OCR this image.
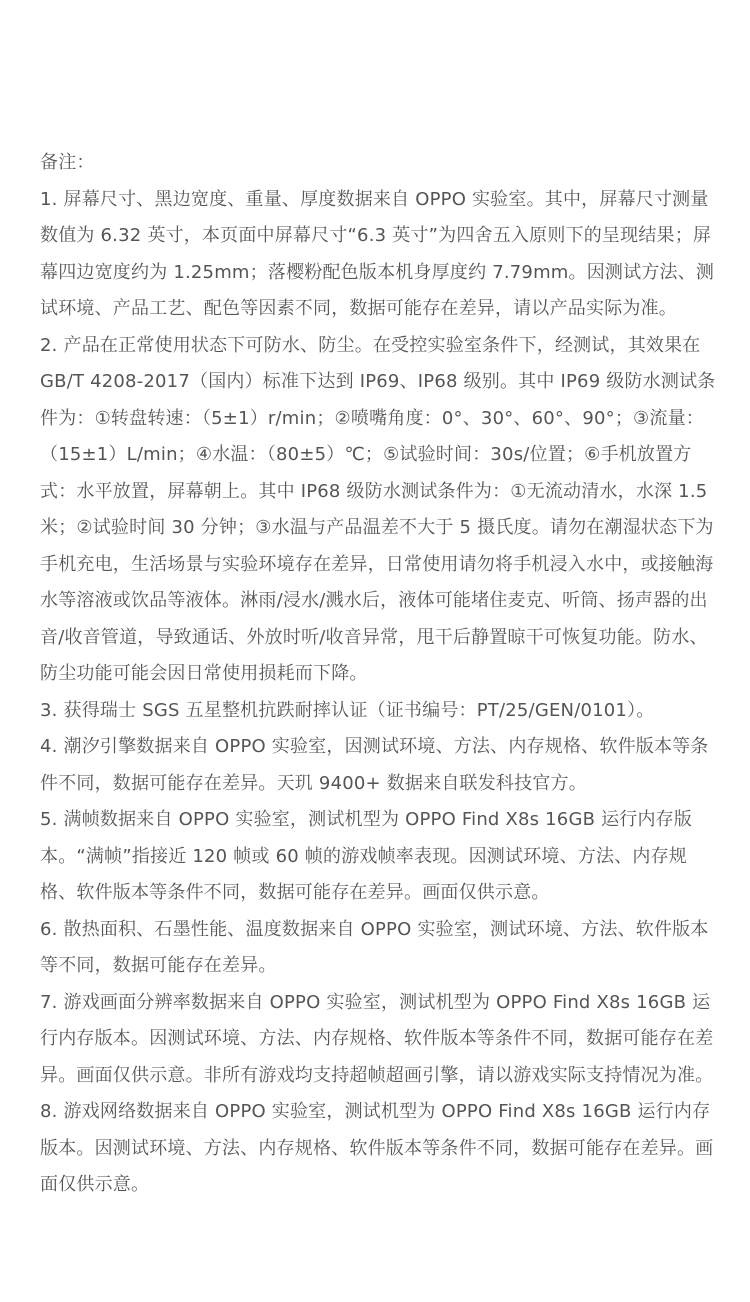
备注：

1. 屏幕尺寸、黑边宽度、重量、厚度数据来自 OPPO 实验室。其中，屏幕尺寸测量数值为 6.32 英寸，本页面中屏幕尺寸“6.3 英寸”为四舍五入原则下的呈现结果；屏幕四边宽度约为 1.25mm；落樱粉配色版本机身厚度约 7.79mm。因测试方法、测试环境、产品工艺、配色等因素不同，数据可能存在差异，请以产品实际为准。

2. 产品在正常使用状态下可防水、防尘。在受控实验室条件下，经测试，其效果在 GB/T 4208-2017（国内）标准下达到 IP69、IP68 级别。其中 IP69 级防水测试条件为：①转盘转速：（5±1）r/min；②喷嘴角度：0°、30°、60°、90°；③流量：（15±1）L/min；④水温：（80±5）℃；⑤试验时间：30s/位置；⑥手机放置方式：水平放置，屏幕朝上。其中 IP68 级防水测试条件为：①无流动清水，水深 1.5 米；②试验时间 30 分钟；③水温与产品温差不大于 5 摄氏度。请勿在潮湿状态下为手机充电，生活场景与实验环境存在差异，日常使用请勿将手机浸入水中，或接触海水等溶液或饮品等液体。淋雨/浸水/溅水后，液体可能堵住麦克、听筒、扬声器的出音/收音管道，导致通话、外放时听/收音异常，甩干后静置晾干可恢复功能。防水、防尘功能可能会因日常使用损耗而下降。

3. 获得瑞士 SGS 五星整机抗跌耐摔认证（证书编号：PT/25/GEN/0101）。

4. 潮汐引擎数据来自 OPPO 实验室，因测试环境、方法、内存规格、软件版本等条件不同，数据可能存在差异。天玑 9400+ 数据来自联发科技官方。

5. 满帧数据来自 OPPO 实验室，测试机型为 OPPO Find X8s 16GB 运行内存版本。“满帧”指接近 120 帧或 60 帧的游戏帧率表现。因测试环境、方法、内存规格、软件版本等条件不同，数据可能存在差异。画面仅供示意。

6. 散热面积、石墨性能、温度数据来自 OPPO 实验室，测试环境、方法、软件版本等不同，数据可能存在差异。

7. 游戏画面分辨率数据来自 OPPO 实验室，测试机型为 OPPO Find X8s 16GB 运行内存版本。因测试环境、方法、内存规格、软件版本等条件不同，数据可能存在差异。画面仅供示意。非所有游戏均支持超帧超画引擎，请以游戏实际支持情况为准。

8. 游戏网络数据来自 OPPO 实验室，测试机型为 OPPO Find X8s 16GB 运行内存版本。因测试环境、方法、内存规格、软件版本等条件不同，数据可能存在差异。画面仅供示意。
